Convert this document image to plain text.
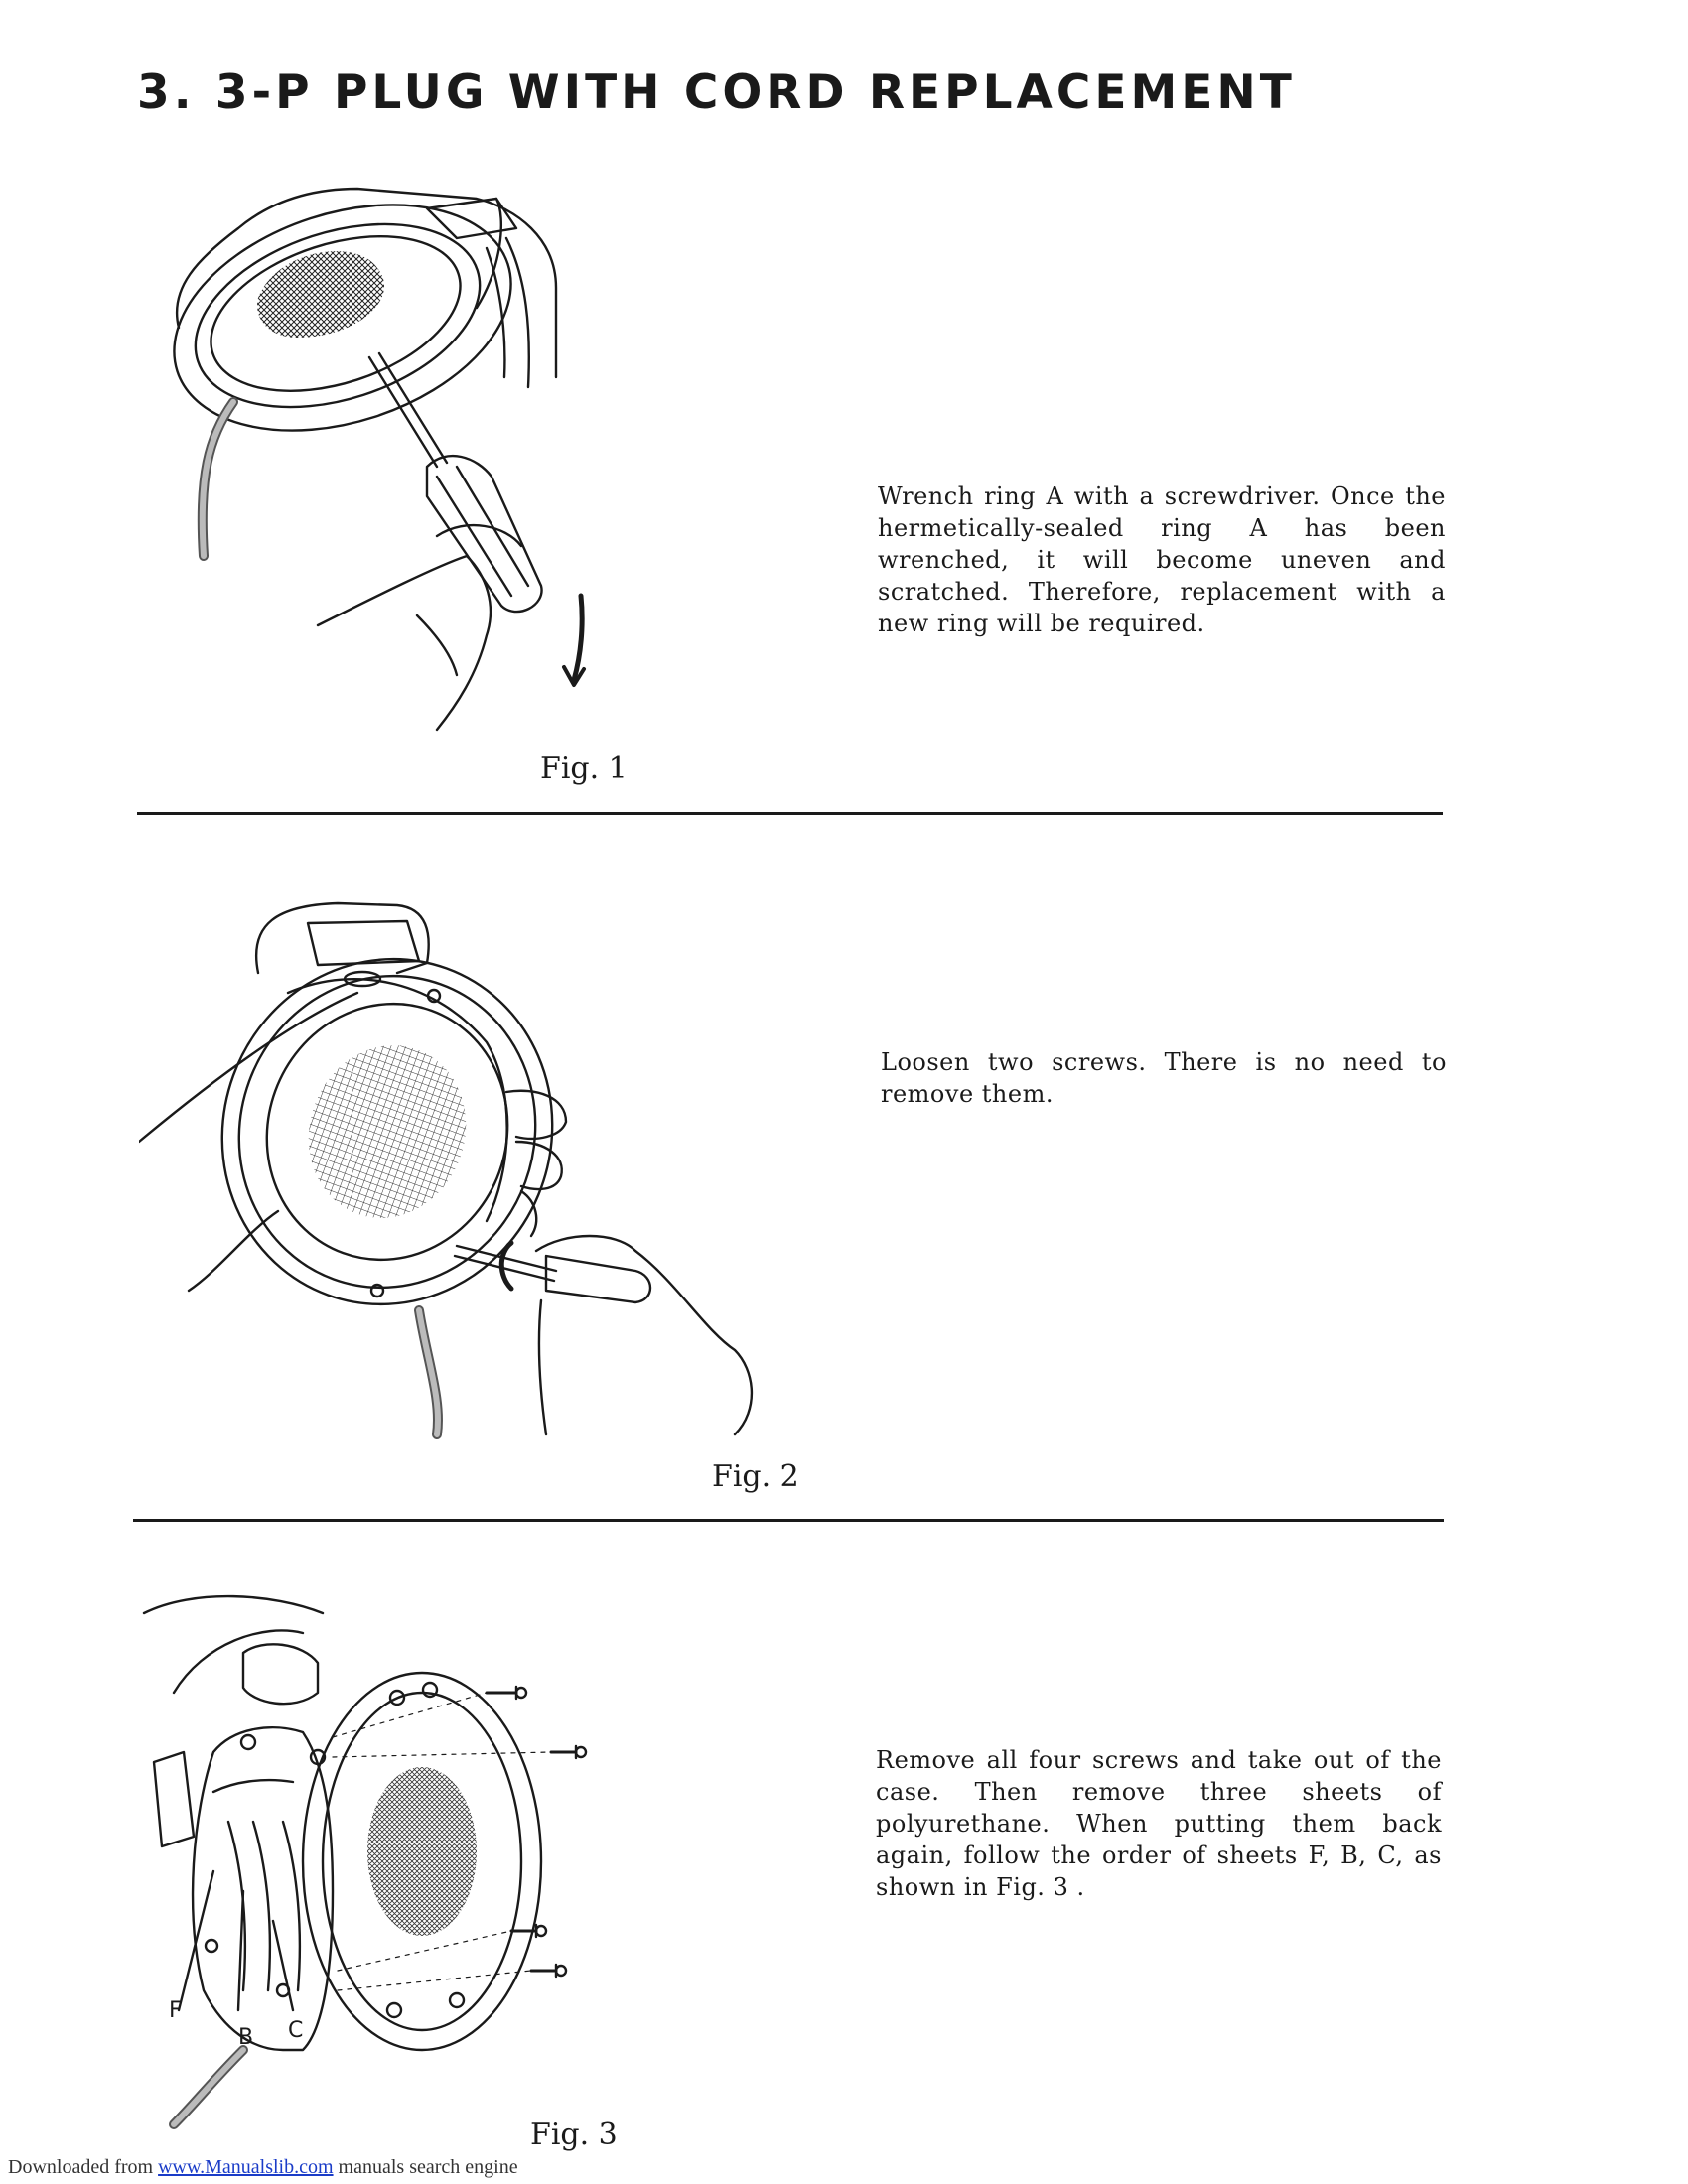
3. 3-P PLUG WITH CORD REPLACEMENT
Fig. 1
Wrench ring A with a screwdriver. Once the hermetically-sealed ring A has been wrenched, it will become uneven and scratched. Therefore, replacement with a new ring will be required.
Fig. 2
Loosen two screws. There is no need to remove them.
F
B C
Fig. 3
Remove all four screws and take out of the case. Then remove three sheets of polyurethane. When putting them back again, follow the order of sheets F, B, C, as shown in Fig. 3 .
Downloaded from www.Manualslib.com manuals search engine
